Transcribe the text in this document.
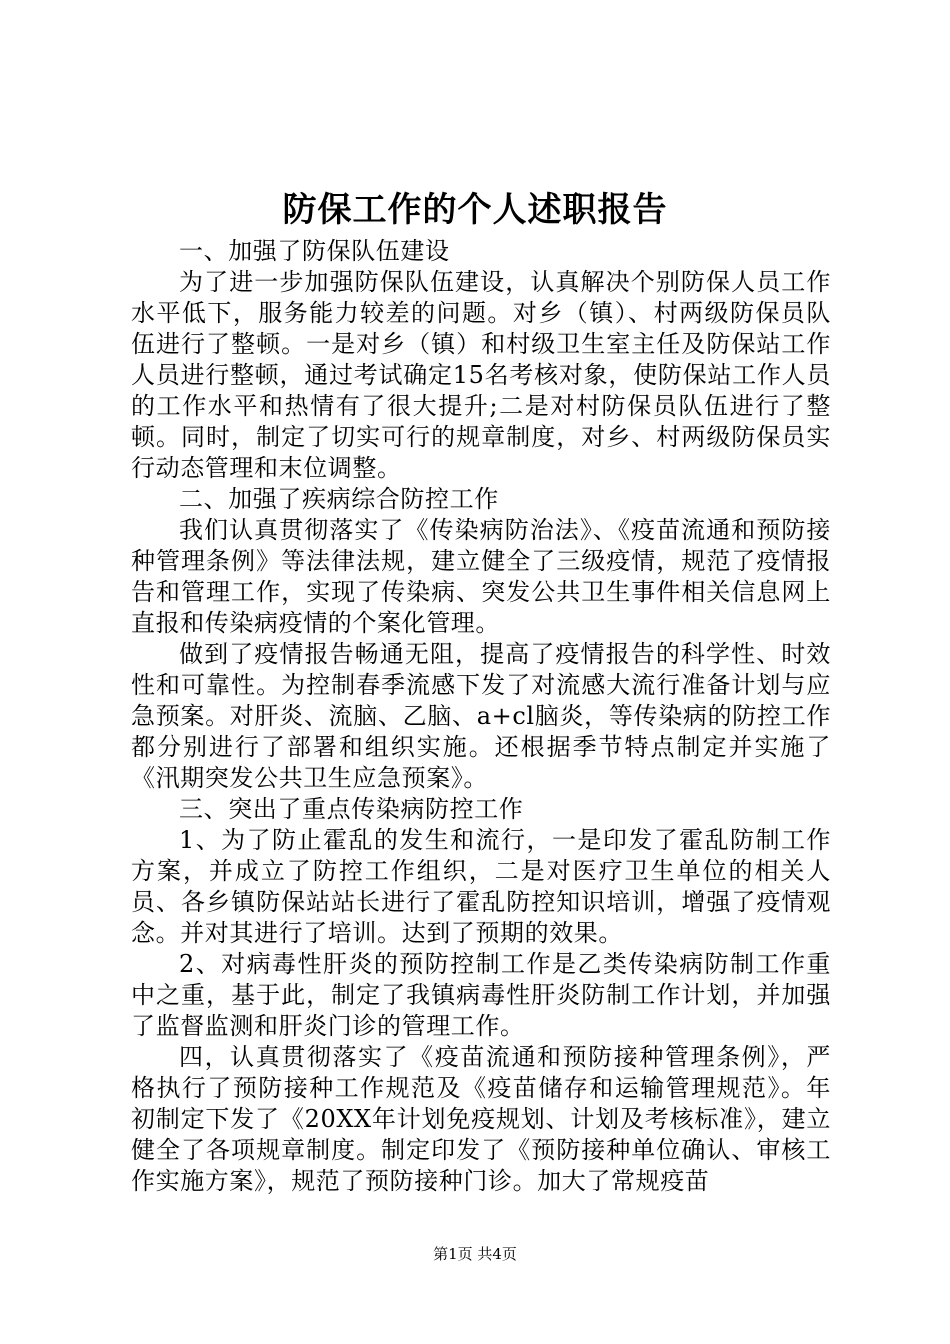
防保工作的个人述职报告

一、加强了防保队伍建设

为了进一步加强防保队伍建设，认真解决个别防保人员工作水平低下，服务能力较差的问题。对乡（镇）、村两级防保员队伍进行了整顿。一是对乡（镇）和村级卫生室主任及防保站工作人员进行整顿，通过考试确定15名考核对象，使防保站工作人员的工作水平和热情有了很大提升;二是对村防保员队伍进行了整顿。同时，制定了切实可行的规章制度，对乡、村两级防保员实行动态管理和末位调整。

二、加强了疾病综合防控工作

我们认真贯彻落实了《传染病防治法》、《疫苗流通和预防接种管理条例》等法律法规，建立健全了三级疫情，规范了疫情报告和管理工作，实现了传染病、突发公共卫生事件相关信息网上直报和传染病疫情的个案化管理。

做到了疫情报告畅通无阻，提高了疫情报告的科学性、时效性和可靠性。为控制春季流感下发了对流感大流行准备计划与应急预案。对肝炎、流脑、乙脑、a+cl脑炎，等传染病的防控工作都分别进行了部署和组织实施。还根据季节特点制定并实施了《汛期突发公共卫生应急预案》。

三、突出了重点传染病防控工作

1、为了防止霍乱的发生和流行，一是印发了霍乱防制工作方案，并成立了防控工作组织，二是对医疗卫生单位的相关人员、各乡镇防保站站长进行了霍乱防控知识培训，增强了疫情观念。并对其进行了培训。达到了预期的效果。

2、对病毒性肝炎的预防控制工作是乙类传染病防制工作重中之重，基于此，制定了我镇病毒性肝炎防制工作计划，并加强了监督监测和肝炎门诊的管理工作。

四，认真贯彻落实了《疫苗流通和预防接种管理条例》，严格执行了预防接种工作规范及《疫苗储存和运输管理规范》。年初制定下发了《20XX年计划免疫规划、计划及考核标准》，建立健全了各项规章制度。制定印发了《预防接种单位确认、审核工作实施方案》，规范了预防接种门诊。加大了常规疫苗

第1页 共4页
